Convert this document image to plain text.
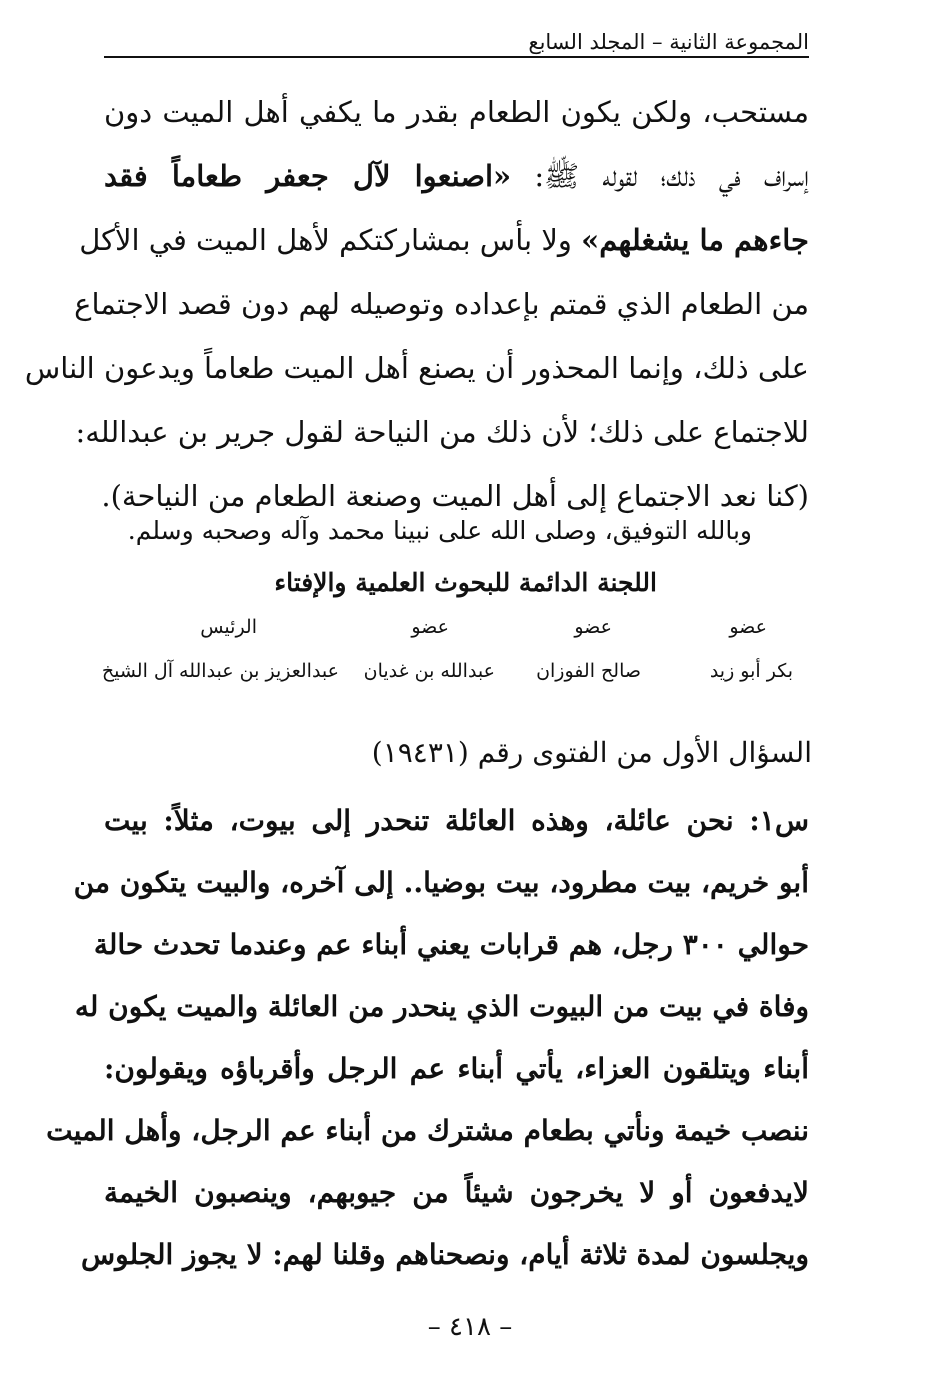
المجموعة الثانية – المجلد السابع
مستحب، ولكن يكون الطعام بقدر ما يكفي أهل الميت دون
إسراف في ذلك؛ لقوله ﷺ: «اصنعوا لآل جعفر طعاماً فقد
جاءهم ما يشغلهم» ولا بأس بمشاركتكم لأهل الميت في الأكل
من الطعام الذي قمتم بإعداده وتوصيله لهم دون قصد الاجتماع
على ذلك، وإنما المحذور أن يصنع أهل الميت طعاماً ويدعون الناس
للاجتماع على ذلك؛ لأن ذلك من النياحة لقول جرير بن عبدالله:
(كنا نعد الاجتماع إلى أهل الميت وصنعة الطعام من النياحة).
وبالله التوفيق، وصلى الله على نبينا محمد وآله وصحبه وسلم.
اللجنة الدائمة للبحوث العلمية والإفتاء
عضو
عضو
عضو
الرئيس
بكر أبو زيد
صالح الفوزان
عبدالله بن غديان
عبدالعزيز بن عبدالله آل الشيخ
السؤال الأول من الفتوى رقم (١٩٤٣١)
س١: نحن عائلة، وهذه العائلة تنحدر إلى بيوت، مثلاً: بيت
أبو خريم، بيت مطرود، بيت بوضيا.. إلى آخره، والبيت يتكون من
حوالي ٣٠٠ رجل، هم قرابات يعني أبناء عم وعندما تحدث حالة
وفاة في بيت من البيوت الذي ينحدر من العائلة والميت يكون له
أبناء ويتلقون العزاء، يأتي أبناء عم الرجل وأقرباؤه ويقولون:
ننصب خيمة ونأتي بطعام مشترك من أبناء عم الرجل، وأهل الميت
لايدفعون أو لا يخرجون شيئاً من جيوبهم، وينصبون الخيمة
ويجلسون لمدة ثلاثة أيام، ونصحناهم وقلنا لهم: لا يجوز الجلوس
– ٤١٨ –
